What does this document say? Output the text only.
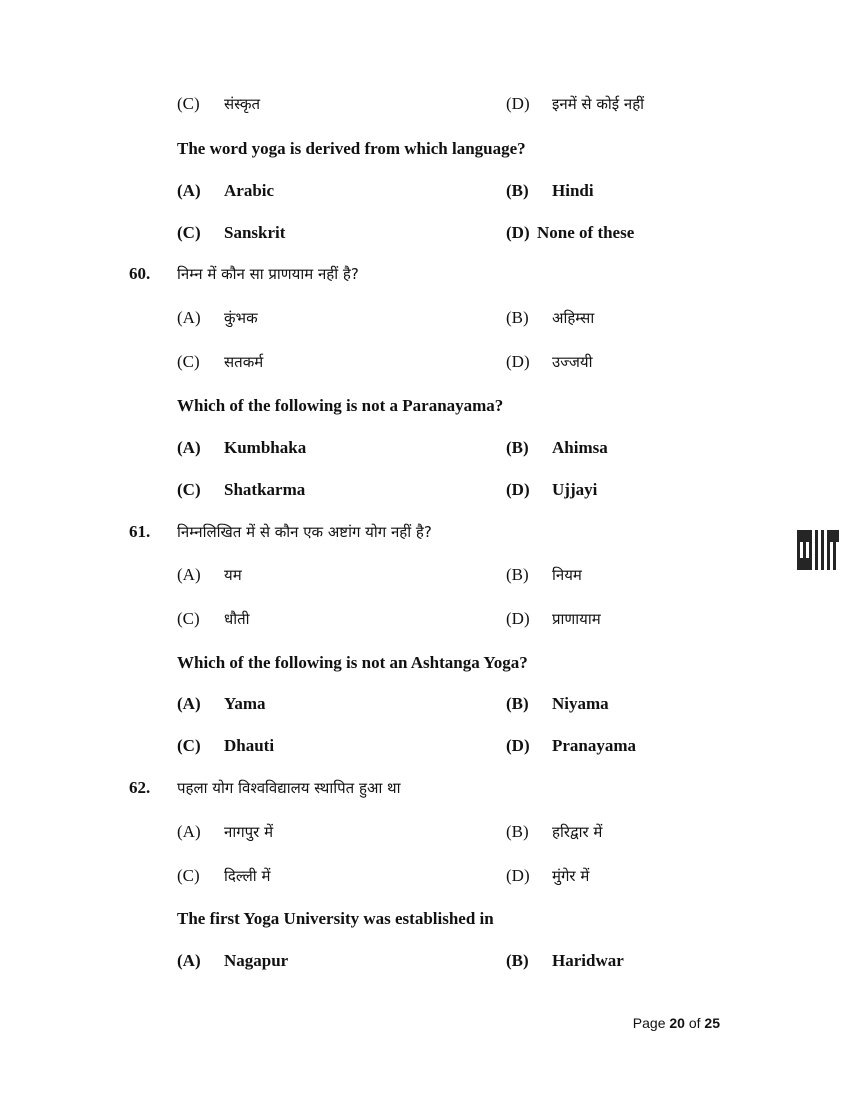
(C) संस्कृत	(D) इनमें से कोई नहीं
The word yoga is derived from which language?
(A) Arabic	(B) Hindi
(C) Sanskrit	(D) None of these
60. निम्न में कौन सा प्राणयाम नहीं है?
(A) कुंभक	(B) अहिम्सा
(C) सतकर्म	(D) उज्जयी
Which of the following is not a Paranayama?
(A) Kumbhaka	(B) Ahimsa
(C) Shatkarma	(D) Ujjayi
61. निम्नलिखित में से कौन एक अष्टांग योग नहीं है?
(A) यम	(B) नियम
(C) धौती	(D) प्राणायाम
Which of the following is not an Ashtanga Yoga?
(A) Yama	(B) Niyama
(C) Dhauti	(D) Pranayama
62. पहला योग विश्वविद्यालय स्थापित हुआ था
(A) नागपुर में	(B) हरिद्वार में
(C) दिल्ली में	(D) मुंगेर में
The first Yoga University was established in
(A) Nagapur	(B) Haridwar
Page 20 of 25
